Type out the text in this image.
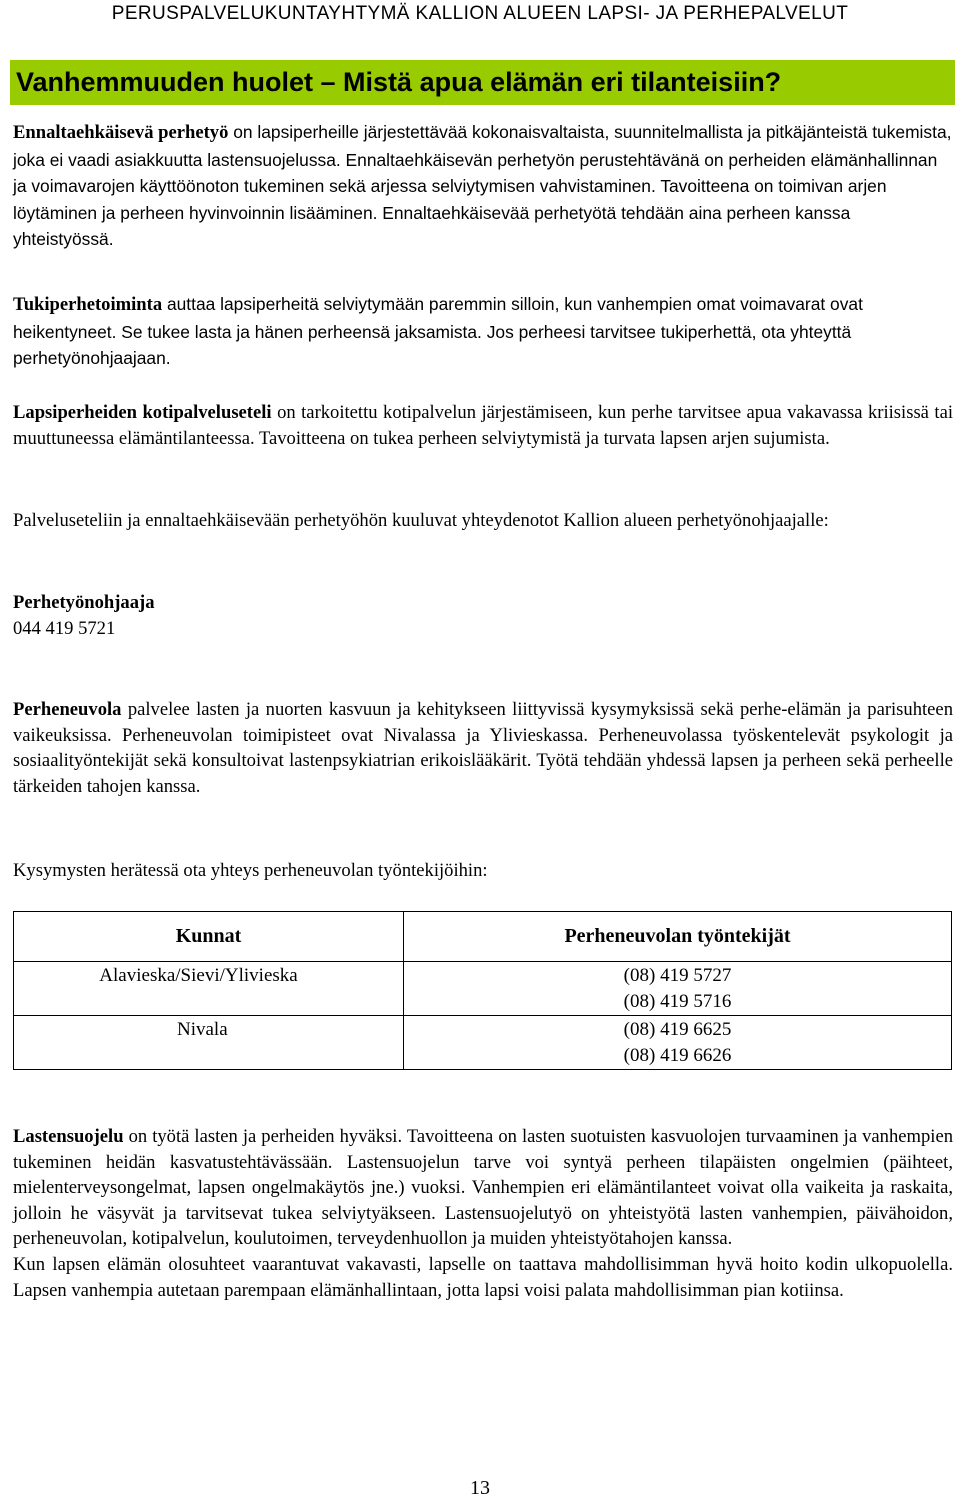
PERUSPALVELUKUNTAYHTYMÄ KALLION ALUEEN LAPSI- JA PERHEPALVELUT
Vanhemmuuden huolet – Mistä apua elämän eri tilanteisiin?
Ennaltaehkäisevä perhetyö on lapsiperheille järjestettävää kokonaisvaltaista, suunnitelmallista ja pitkäjänteistä tukemista, joka ei vaadi asiakkuutta lastensuojelussa. Ennaltaehkäisevän perhetyön perustehtävänä on perheiden elämänhallinnan ja voimavarojen käyttöönoton tukeminen sekä arjessa selviytymisen vahvistaminen. Tavoitteena on toimivan arjen löytäminen ja perheen hyvinvoinnin lisääminen. Ennaltaehkäisevää perhetyötä tehdään aina perheen kanssa yhteistyössä.
Tukiperhetoiminta auttaa lapsiperheitä selviytymään paremmin silloin, kun vanhempien omat voimavarat ovat heikentyneet. Se tukee lasta ja hänen perheensä jaksamista. Jos perheesi tarvitsee tukiperhettä, ota yhteyttä perhetyönohjaajaan.
Lapsiperheiden kotipalveluseteli on tarkoitettu kotipalvelun järjestämiseen, kun perhe tarvitsee apua vakavassa kriisissä tai muuttuneessa elämäntilanteessa. Tavoitteena on tukea perheen selviytymistä ja turvata lapsen arjen sujumista.
Palveluseteliin ja ennaltaehkäisevään perhetyöhön kuuluvat yhteydenotot Kallion alueen perhetyönohjaajalle:
Perhetyönohjaaja
044 419 5721
Perheneuvola palvelee lasten ja nuorten kasvuun ja kehitykseen liittyvissä kysymyksissä sekä perhe-elämän ja parisuhteen vaikeuksissa. Perheneuvolan toimipisteet ovat Nivalassa ja Ylivieskassa. Perheneuvolassa työskentelevät psykologit ja sosiaalityöntekijät sekä konsultoivat lastenpsykiatrian erikoislääkärit. Työtä tehdään yhdessä lapsen ja perheen sekä perheelle tärkeiden tahojen kanssa.
Kysymysten herätessä ota yhteys perheneuvolan työntekijöihin:
Kunnat	Perheneuvolan työntekijät
Alavieska/Sievi/Ylivieska	(08) 419 5727
(08) 419 5716

Nivala	(08) 419 6625
(08) 419 6626
Lastensuojelu on työtä lasten ja perheiden hyväksi. Tavoitteena on lasten suotuisten kasvuolojen turvaaminen ja vanhempien tukeminen heidän kasvatustehtävässään. Lastensuojelun tarve voi syntyä perheen tilapäisten ongelmien (päihteet, mielenterveysongelmat, lapsen ongelmakäytös jne.) vuoksi. Vanhempien eri elämäntilanteet voivat olla vaikeita ja raskaita, jolloin he väsyvät ja tarvitsevat tukea selviytyäkseen. Lastensuojelutyö on yhteistyötä lasten vanhempien, päivähoidon, perheneuvolan, kotipalvelun, koulutoimen, terveydenhuollon ja muiden yhteistyötahojen kanssa.
Kun lapsen elämän olosuhteet vaarantuvat vakavasti, lapselle on taattava mahdollisimman hyvä hoito kodin ulkopuolella. Lapsen vanhempia autetaan parempaan elämänhallintaan, jotta lapsi voisi palata mahdollisimman pian kotiinsa.
13
